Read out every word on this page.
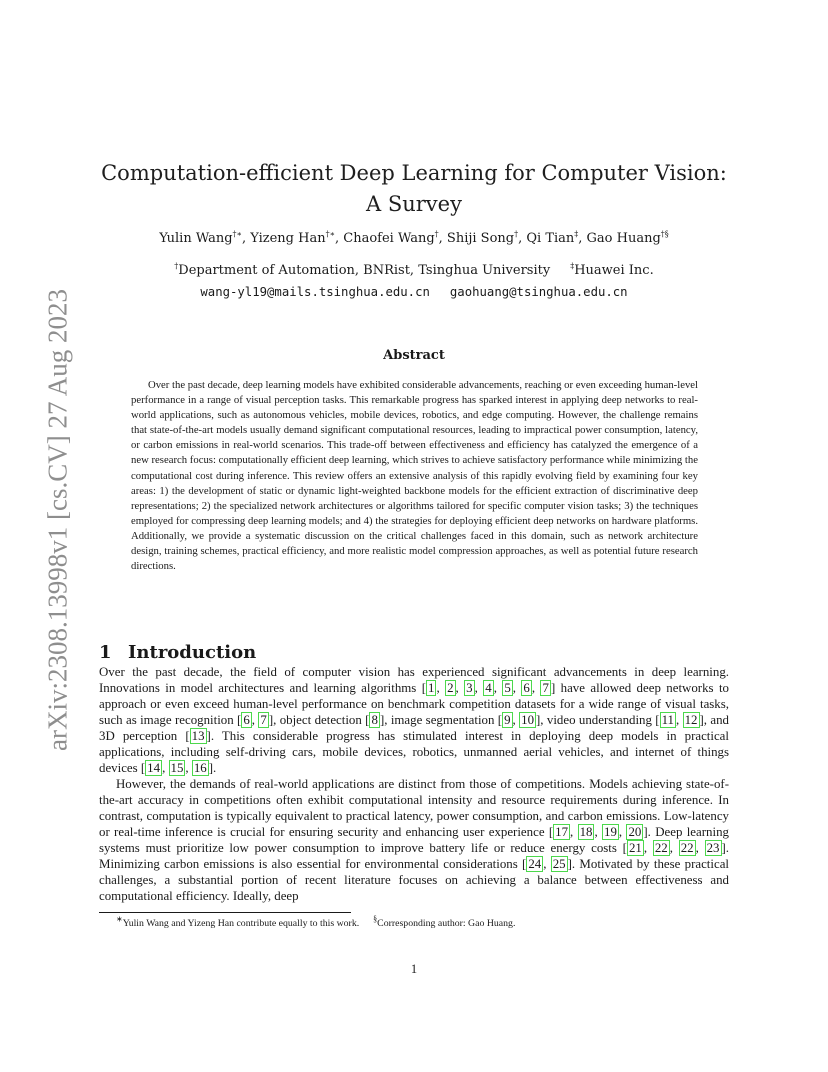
arXiv:2308.13998v1 [cs.CV] 27 Aug 2023
Computation-efficient Deep Learning for Computer Vision:
A Survey
Yulin Wang†∗, Yizeng Han†∗, Chaofei Wang†, Shiji Song†, Qi Tian‡, Gao Huang†§
†Department of Automation, BNRist, Tsinghua University	‡Huawei Inc.
wang-yl19@mails.tsinghua.edu.cn gaohuang@tsinghua.edu.cn
Abstract

Over the past decade, deep learning models have exhibited considerable advancements, reaching or even exceeding human-level performance in a range of visual perception tasks. This remarkable progress has sparked interest in applying deep networks to real-world applications, such as autonomous vehicles, mobile devices, robotics, and edge computing. However, the challenge remains that state-of-the-art models usually demand significant computational resources, leading to impractical power consumption, latency, or carbon emissions in real-world scenarios. This trade-off between effectiveness and efficiency has catalyzed the emergence of a new research focus: computationally efficient deep learning, which strives to achieve satisfactory performance while minimizing the computational cost during inference. This review offers an extensive analysis of this rapidly evolving field by examining four key areas: 1) the development of static or dynamic light-weighted backbone models for the efficient extraction of discriminative deep representations; 2) the specialized network architectures or algorithms tailored for specific computer vision tasks; 3) the techniques employed for compressing deep learning models; and 4) the strategies for deploying efficient deep networks on hardware platforms. Additionally, we provide a systematic discussion on the critical challenges faced in this domain, such as network architecture design, training schemes, practical efficiency, and more realistic model compression approaches, as well as potential future research directions.

1 Introduction

Over the past decade, the field of computer vision has experienced significant advancements in deep learning. Innovations in model architectures and learning algorithms [ 1 , 2 , 3 , 4 , 5 , 6 , 7 ] have allowed deep networks to approach or even exceed human-level performance on benchmark competition datasets for a wide range of visual tasks, such as image recognition [ 6 , 7 ], object detection [ 8 ], image segmentation [ 9 , 10 ], video understanding [ 11 , 12 ], and 3D perception [ 13 ]. This considerable progress has stimulated interest in deploying deep models in practical applications, including self-driving cars, mobile devices, robotics, unmanned aerial vehicles, and internet of things devices [ 14 , 15 , 16 ].

However, the demands of real-world applications are distinct from those of competitions. Models achieving state-of-the-art accuracy in competitions often exhibit computational intensity and resource requirements during inference. In contrast, computation is typically equivalent to practical latency, power consumption, and carbon emissions. Low-latency or real-time inference is crucial for ensuring security and enhancing user experience [ 17 , 18 , 19 , 20 ]. Deep learning systems must prioritize low power consumption to improve battery life or reduce energy costs [ 21 , 22 , 22 , 23 ]. Minimizing carbon emissions is also essential for environmental considerations [ 24 , 25 ]. Motivated by these practical challenges, a substantial portion of recent literature focuses on achieving a balance between effectiveness and computational efficiency. Ideally, deep

∗Yulin Wang and Yizeng Han contribute equally to this work. §Corresponding author: Gao Huang.
1
